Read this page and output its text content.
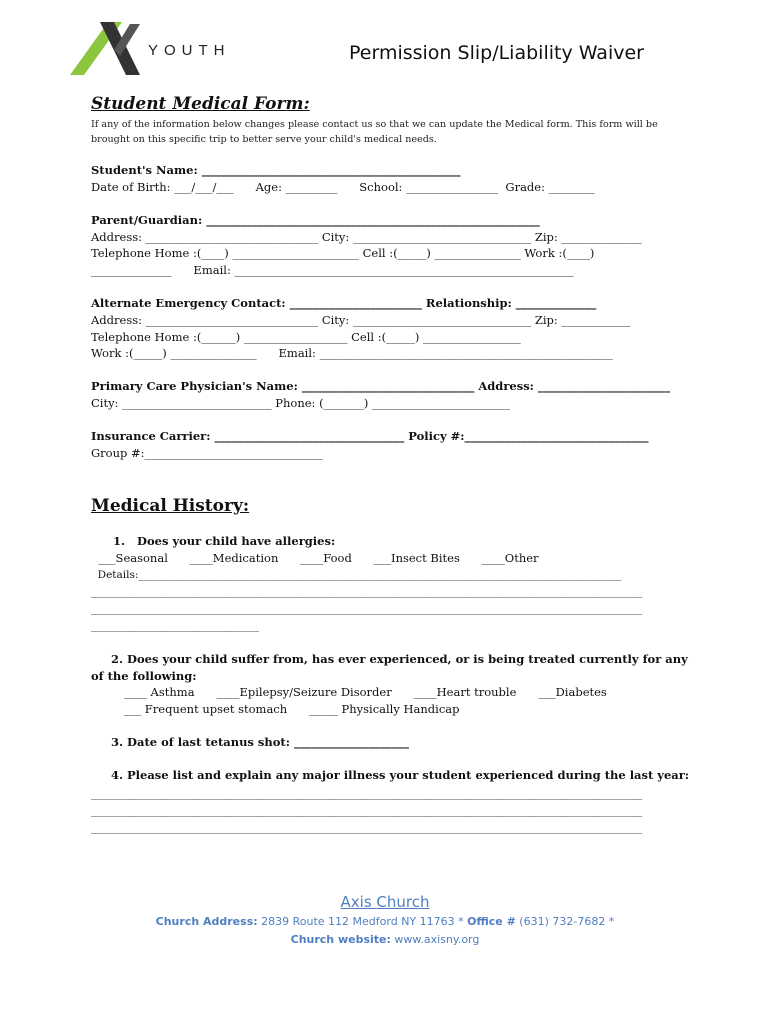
YOUTH	Permission Slip/Liability Waiver
Student Medical Form:
If any of the information below changes please contact us so that we can update the Medical form. This form will be brought on this specific trip to better serve your child's medical needs.
Student's Name: _____________________________________________
Date of Birth: ___/___/___      Age: _________      School: ________________  Grade: ________
Parent/Guardian: __________________________________________________________
Address: ______________________________ City: _______________________________ Zip: ______________
Telephone Home :(____) ______________________ Cell :(_____) _______________ Work :(____)
______________      Email: ___________________________________________________________
Alternate Emergency Contact: _______________________ Relationship: ______________
Address: ______________________________ City: _______________________________ Zip: ____________
Telephone Home :(______) __________________ Cell :(_____) _________________
Work :(_____) _______________      Email: ___________________________________________________
Primary Care Physician's Name: ______________________________ Address: _______________________
City: __________________________ Phone: (_______) ________________________
Insurance Carrier: _________________________________ Policy #:________________________________
Group #:_______________________________
Medical History:
1.   Does your child have allergies:
___Seasonal      ____Medication      ____Food      ___Insect Bites      ____Other
Details:____________________________________________________________________________________________
_________________________________________________________________________________________________________
_________________________________________________________________________________________________________
________________________________
2. Does your child suffer from, has ever experienced, or is being treated currently for any
of the following:
____ Asthma      ____Epilepsy/Seizure Disorder      ____Heart trouble      ___Diabetes
___ Frequent upset stomach      _____ Physically Handicap
3. Date of last tetanus shot: ____________________
4. Please list and explain any major illness your student experienced during the last year:
_________________________________________________________________________________________________________
_________________________________________________________________________________________________________
_________________________________________________________________________________________________________
Axis Church
Church Address: 2839 Route 112 Medford NY 11763 * Office # (631) 732-7682 *
Church website: www.axisny.org
